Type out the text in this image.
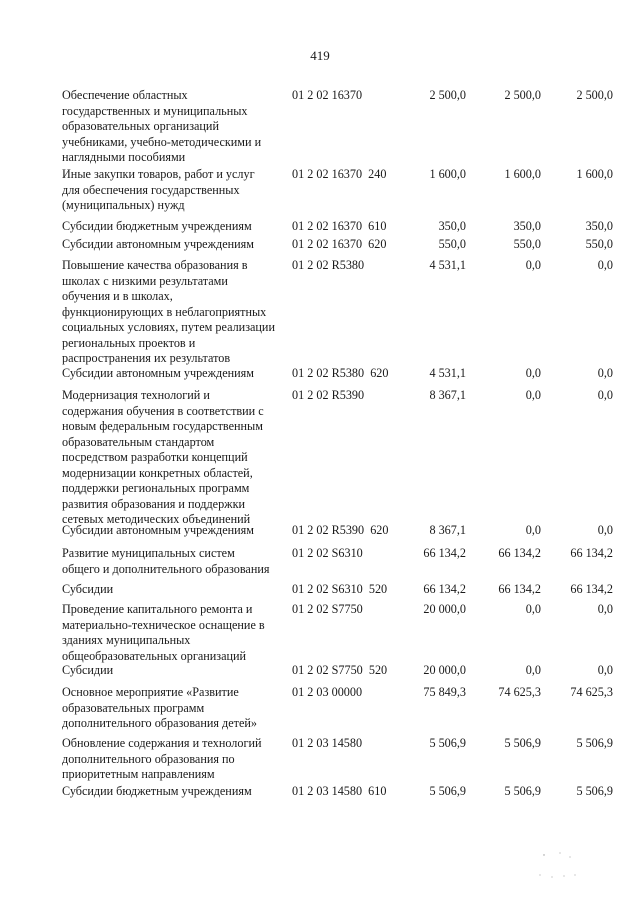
419
Обеспечение областных
государственных и муниципальных
образовательных организаций
учебниками, учебно-методическими и
наглядными пособиями
01 2 02 16370	2 500,0	2 500,0	2 500,0
Иные закупки товаров, работ и услуг
для обеспечения государственных
(муниципальных) нужд
01 2 02 16370  240	1 600,0	1 600,0	1 600,0
Субсидии бюджетным учреждениям	01 2 02 16370  610	350,0	350,0	350,0
Субсидии автономным учреждениям	01 2 02 16370  620	550,0	550,0	550,0
Повышение качества образования в
школах с низкими результатами
обучения и в школах,
функционирующих в неблагоприятных
социальных условиях, путем реализации
региональных проектов и
распространения их результатов
01 2 02 R5380	4 531,1	0,0	0,0
Субсидии автономным учреждениям	01 2 02 R5380  620	4 531,1	0,0	0,0
Модернизация технологий и
содержания обучения в соответствии с
новым федеральным государственным
образовательным стандартом
посредством разработки концепций
модернизации конкретных областей,
поддержки региональных программ
развития образования и поддержки
сетевых методических объединений
01 2 02 R5390	8 367,1	0,0	0,0
Субсидии автономным учреждениям	01 2 02 R5390  620	8 367,1	0,0	0,0
Развитие муниципальных систем
общего и дополнительного образования
01 2 02 S6310	66 134,2	66 134,2	66 134,2
Субсидии	01 2 02 S6310  520	66 134,2	66 134,2	66 134,2
Проведение капитального ремонта и
материально-техническое оснащение в
зданиях муниципальных
общеобразовательных организаций
01 2 02 S7750	20 000,0	0,0	0,0
Субсидии	01 2 02 S7750  520	20 000,0	0,0	0,0
Основное мероприятие «Развитие
образовательных программ
дополнительного образования детей»
01 2 03 00000	75 849,3	74 625,3	74 625,3
Обновление содержания и технологий
дополнительного образования по
приоритетным направлениям
01 2 03 14580	5 506,9	5 506,9	5 506,9
Субсидии бюджетным учреждениям	01 2 03 14580  610	5 506,9	5 506,9	5 506,9
